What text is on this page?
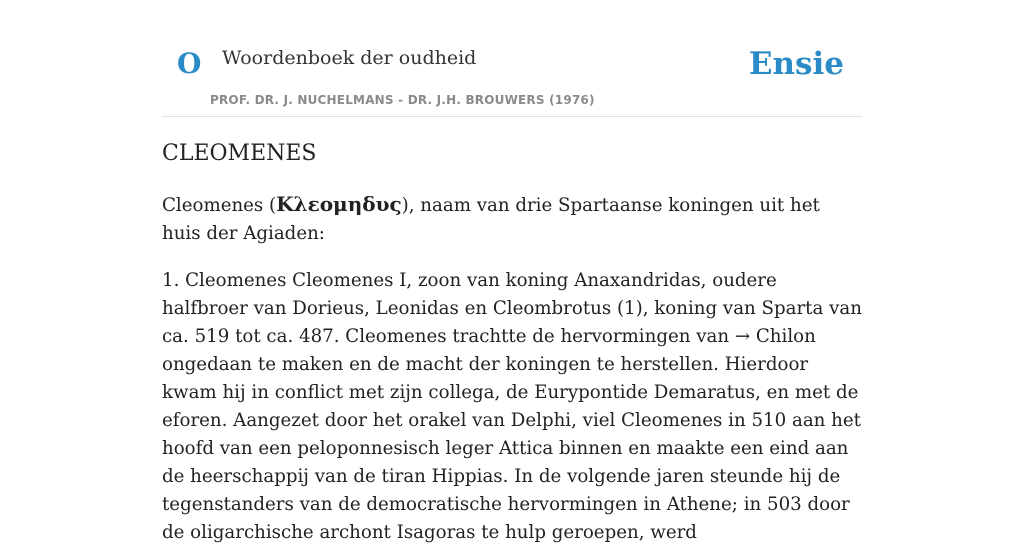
O Woordenboek der oudheid
PROF. DR. J. NUCHELMANS - DR. J.H. BROUWERS (1976)
Ensie
CLEOMENES

Cleomenes (Κλεομηδυς), naam van drie Spartaanse koningen uit het huis der Agiaden:

1. Cleomenes Cleomenes I, zoon van koning Anaxandridas, oudere halfbroer van Dorieus, Leonidas en Cleombrotus (1), koning van Sparta van ca. 519 tot ca. 487. Cleomenes trachtte de hervormingen van → Chilon ongedaan te maken en de macht der koningen te herstellen. Hierdoor kwam hij in conflict met zijn collega, de Eurypontide Demaratus, en met de eforen. Aangezet door het orakel van Delphi, viel Cleomenes in 510 aan het hoofd van een peloponnesisch leger Attica binnen en maakte een eind aan de heerschappij van de tiran Hippias. In de volgende jaren steunde hij de tegenstanders van de democratische hervormingen in Athene; in 503 door de oligarchische archont Isagoras te hulp geroepen, werd
